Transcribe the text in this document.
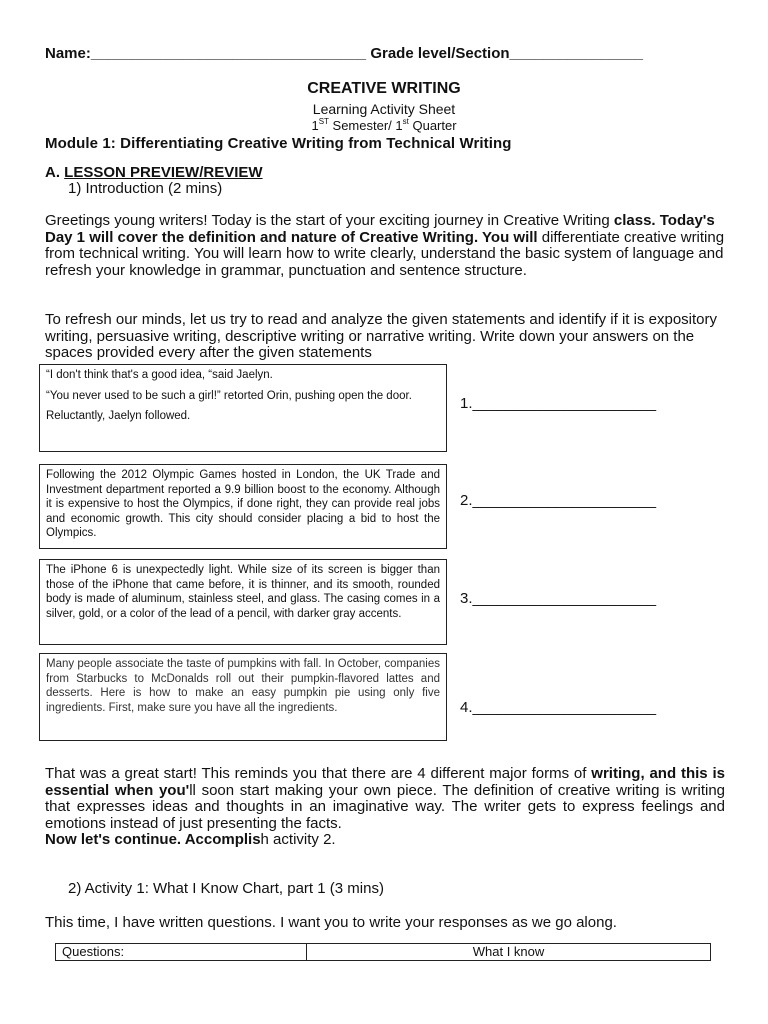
Name:_________________________________ Grade level/Section________________
CREATIVE WRITING
Learning Activity Sheet
1ST Semester/ 1st Quarter
Module 1: Differentiating Creative Writing from Technical Writing
A. LESSON PREVIEW/REVIEW
1) Introduction (2 mins)
Greetings young writers! Today is the start of your exciting journey in Creative Writing class. Today's Day 1 will cover the definition and nature of Creative Writing. You will differentiate creative writing from technical writing. You will learn how to write clearly, understand the basic system of language and refresh your knowledge in grammar, punctuation and sentence structure.
To refresh our minds, let us try to read and analyze the given statements and identify if it is expository writing, persuasive writing, descriptive writing or narrative writing. Write down your answers on the spaces provided every after the given statements
“I don't think that's a good idea, “said Jaelyn.
“You never used to be such a girl!” retorted Orin, pushing open the door.
Reluctantly, Jaelyn followed.
1.______________________
Following the 2012 Olympic Games hosted in London, the UK Trade and Investment department reported a 9.9 billion boost to the economy. Although it is expensive to host the Olympics, if done right, they can provide real jobs and economic growth. This city should consider placing a bid to host the Olympics.
2.______________________
The iPhone 6 is unexpectedly light. While size of its screen is bigger than those of the iPhone that came before, it is thinner, and its smooth, rounded body is made of aluminum, stainless steel, and glass. The casing comes in a silver, gold, or a color of the lead of a pencil, with darker gray accents.
3.______________________
Many people associate the taste of pumpkins with fall. In October, companies from Starbucks to McDonalds roll out their pumpkin-flavored lattes and desserts. Here is how to make an easy pumpkin pie using only five ingredients. First, make sure you have all the ingredients.	4.______________________
That was a great start! This reminds you that there are 4 different major forms of writing, and this is essential when you'll soon start making your own piece. The definition of creative writing is writing that expresses ideas and thoughts in an imaginative way. The writer gets to express feelings and emotions instead of just presenting the facts.
Now let's continue. Accomplish activity 2.
2) Activity 1: What I Know Chart, part 1 (3 mins)
This time, I have written questions. I want you to write your responses as we go along.
Questions:	What I know
